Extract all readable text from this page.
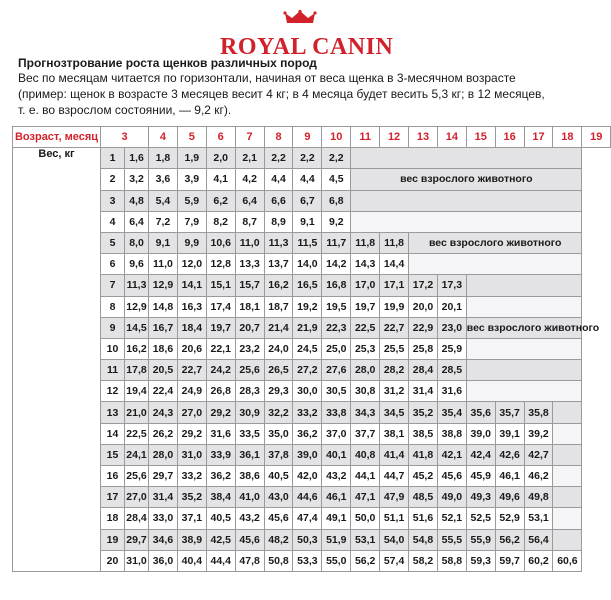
ROYAL CANIN
Прогнозтрование роста щенков различных пород
Вес по месяцам читается по горизонтали, начиная от веса щенка в 3-месячном возрасте
(пример: щенок в возрасте 3 месяцев весит 4 кг; в 4 месяца будет весить 5,3 кг; в 12 месяцев,
т. е. во взрослом состоянии, — 9,2 кг).
Возраст, месяц	3		4	5	6	7	8	9	10	11	12	13	14	15	16	17	18	19
Вес, кг	1	1,6	1,8	1,9	2,0	2,1	2,2	2,2	2,2									
	2	3,2	3,6	3,9	4,1	4,2	4,4	4,4	4,5	вес взрослого животного								
	3	4,8	5,4	5,9	6,2	6,4	6,6	6,7	6,8									
	4	6,4	7,2	7,9	8,2	8,7	8,9	9,1	9,2									
	5	8,0	9,1	9,9	10,6	11,0	11,3	11,5	11,7	11,8	11,8	вес взрослого животного						
	6	9,6	11,0	12,0	12,8	13,3	13,7	14,0	14,2	14,3	14,4							
	7	11,3	12,9	14,1	15,1	15,7	16,2	16,5	16,8	17,0	17,1	17,2	17,3					
	8	12,9	14,8	16,3	17,4	18,1	18,7	19,2	19,5	19,7	19,9	20,0	20,1					
	9	14,5	16,7	18,4	19,7	20,7	21,4	21,9	22,3	22,5	22,7	22,9	23,0	вес взрослого животного				
	10	16,2	18,6	20,6	22,1	23,2	24,0	24,5	25,0	25,3	25,5	25,8	25,9					
	11	17,8	20,5	22,7	24,2	25,6	26,5	27,2	27,6	28,0	28,2	28,4	28,5					
	12	19,4	22,4	24,9	26,8	28,3	29,3	30,0	30,5	30,8	31,2	31,4	31,6					
	13	21,0	24,3	27,0	29,2	30,9	32,2	33,2	33,8	34,3	34,5	35,2	35,4	35,6	35,7	35,8		
	14	22,5	26,2	29,2	31,6	33,5	35,0	36,2	37,0	37,7	38,1	38,5	38,8	39,0	39,1	39,2		
	15	24,1	28,0	31,0	33,9	36,1	37,8	39,0	40,1	40,8	41,4	41,8	42,1	42,4	42,6	42,7		
	16	25,6	29,7	33,2	36,2	38,6	40,5	42,0	43,2	44,1	44,7	45,2	45,6	45,9	46,1	46,2		
	17	27,0	31,4	35,2	38,4	41,0	43,0	44,6	46,1	47,1	47,9	48,5	49,0	49,3	49,6	49,8		
	18	28,4	33,0	37,1	40,5	43,2	45,6	47,4	49,1	50,0	51,1	51,6	52,1	52,5	52,9	53,1		
	19	29,7	34,6	38,9	42,5	45,6	48,2	50,3	51,9	53,1	54,0	54,8	55,5	55,9	56,2	56,4		
	20	31,0	36,0	40,4	44,4	47,8	50,8	53,3	55,0	56,2	57,4	58,2	58,8	59,3	59,7	60,2	60,6	
